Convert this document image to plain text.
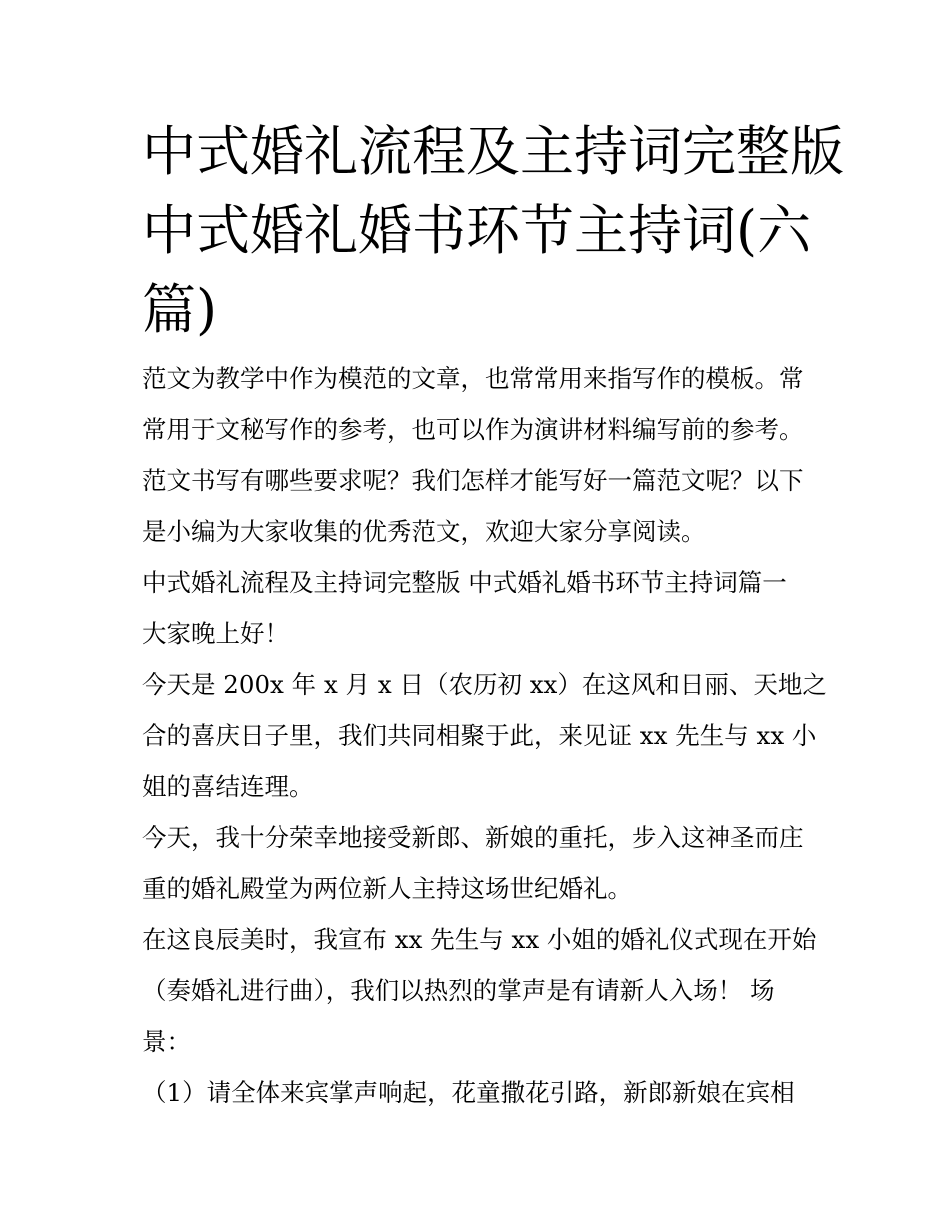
中式婚礼流程及主持词完整版
中式婚礼婚书环节主持词(六
篇)
范文为教学中作为模范的文章，也常常用来指写作的模板。常
常用于文秘写作的参考，也可以作为演讲材料编写前的参考。
范文书写有哪些要求呢？我们怎样才能写好一篇范文呢？以下
是小编为大家收集的优秀范文，欢迎大家分享阅读。
中式婚礼流程及主持词完整版 中式婚礼婚书环节主持词篇一
大家晚上好！
今天是 200x 年 x 月 x 日（农历初 xx）在这风和日丽、天地之
合的喜庆日子里，我们共同相聚于此，来见证 xx 先生与 xx 小
姐的喜结连理。
今天，我十分荣幸地接受新郎、新娘的重托，步入这神圣而庄
重的婚礼殿堂为两位新人主持这场世纪婚礼。
在这良辰美时，我宣布 xx 先生与 xx 小姐的婚礼仪式现在开始
（奏婚礼进行曲），我们以热烈的掌声是有请新人入场！ 场
景：
（1）请全体来宾掌声响起，花童撒花引路，新郎新娘在宾相
